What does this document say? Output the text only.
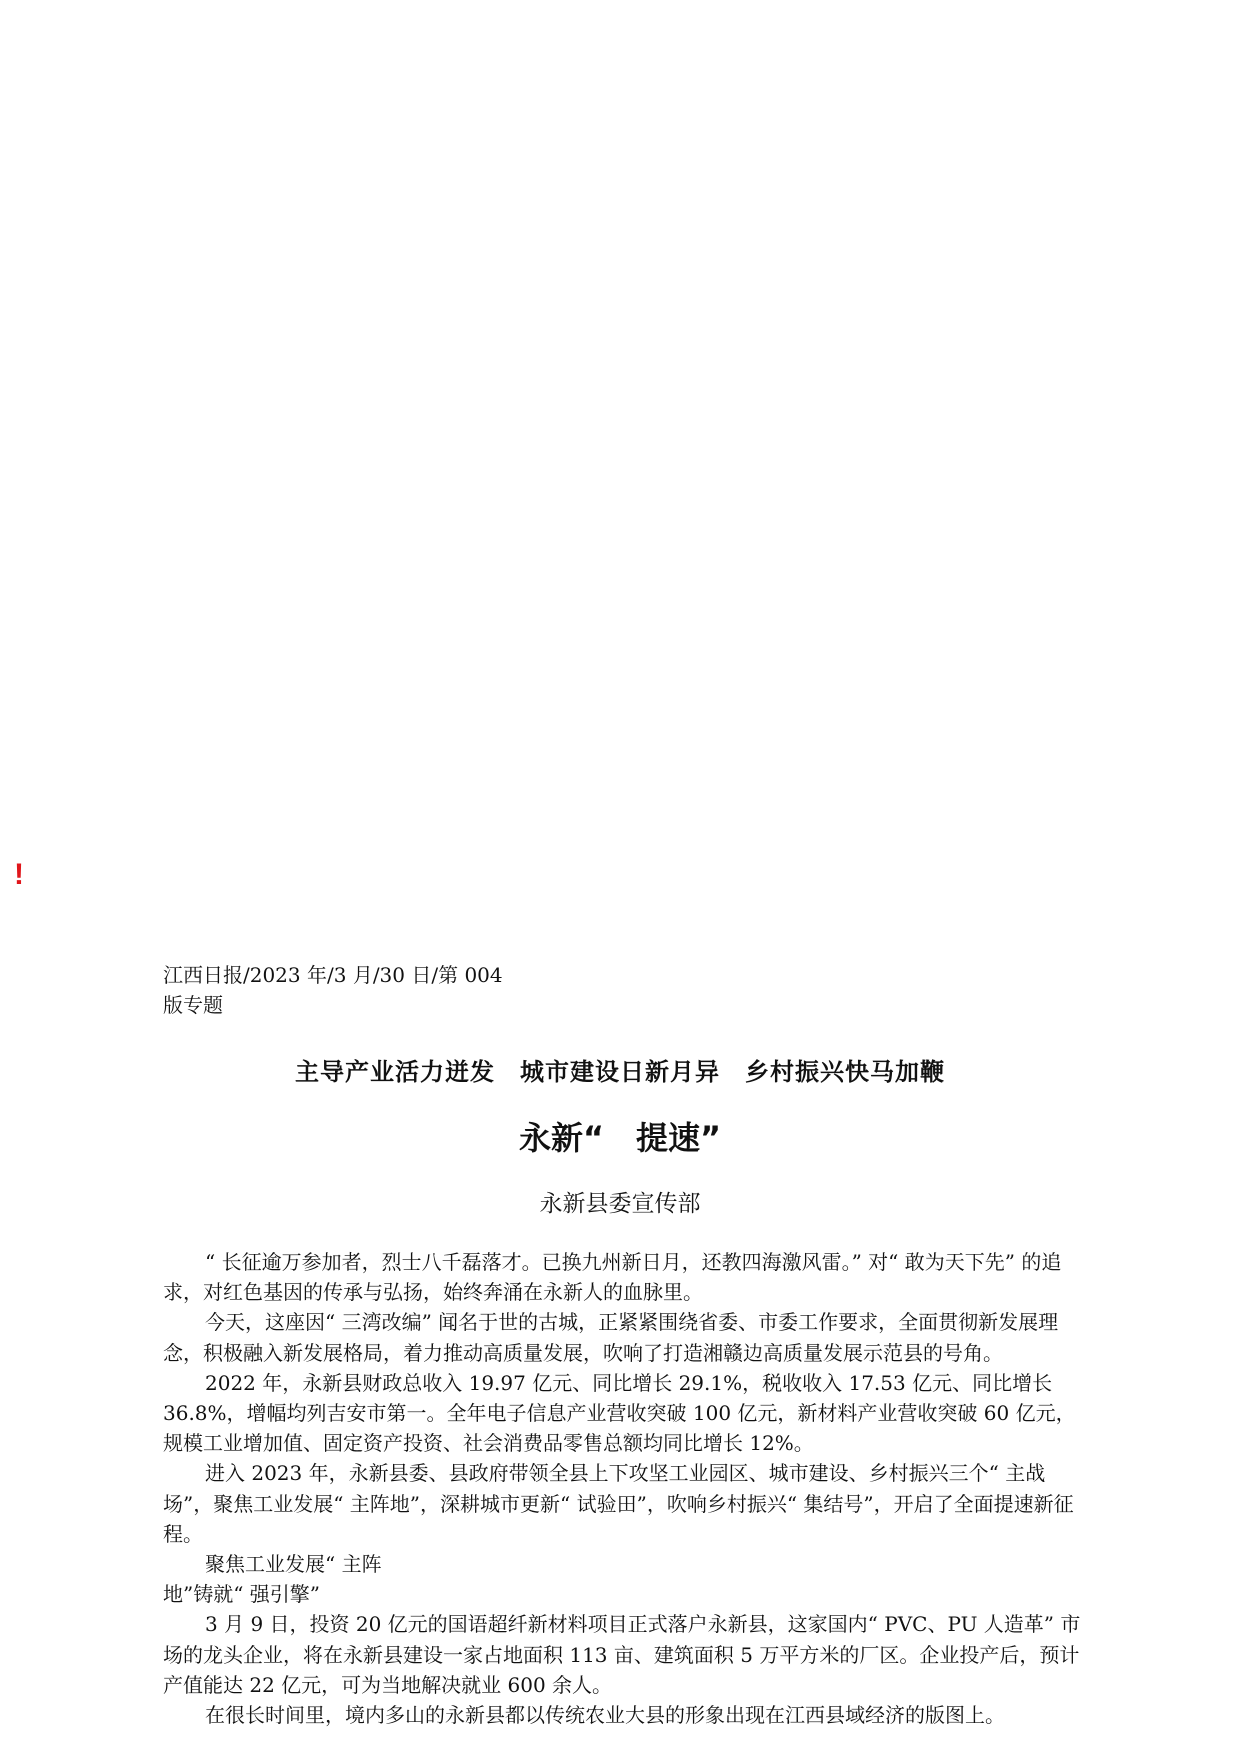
!
江西日报/2023 年/3 月/30 日/第 004 版专题
主导产业活力迸发　城市建设日新月异　乡村振兴快马加鞭
永新“　提速”
永新县委宣传部

“ 长征逾万参加者，烈士八千磊落才。已换九州新日月，还教四海激风雷。” 对“ 敢为天下先” 的追求，对红色基因的传承与弘扬，始终奔涌在永新人的血脉里。

今天，这座因“ 三湾改编” 闻名于世的古城，正紧紧围绕省委、市委工作要求，全面贯彻新发展理念，积极融入新发展格局，着力推动高质量发展，吹响了打造湘赣边高质量发展示范县的号角。

2022 年，永新县财政总收入 19.97 亿元、同比增长 29.1%，税收收入 17.53 亿元、同比增长 36.8%，增幅均列吉安市第一。全年电子信息产业营收突破 100 亿元，新材料产业营收突破 60 亿元，规模工业增加值、固定资产投资、社会消费品零售总额均同比增长 12%。

进入 2023 年，永新县委、县政府带领全县上下攻坚工业园区、城市建设、乡村振兴三个“ 主战场”，聚焦工业发展“ 主阵地”，深耕城市更新“ 试验田”，吹响乡村振兴“ 集结号”，开启了全面提速新征程。

聚焦工业发展“ 主阵地”铸就“ 强引擎”

3 月 9 日，投资 20 亿元的国语超纤新材料项目正式落户永新县，这家国内“ PVC、PU 人造革” 市场的龙头企业，将在永新县建设一家占地面积 113 亩、建筑面积 5 万平方米的厂区。企业投产后，预计产值能达 22 亿元，可为当地解决就业 600 余人。

在很长时间里，境内多山的永新县都以传统农业大县的形象出现在江西县域经济的版图上。
